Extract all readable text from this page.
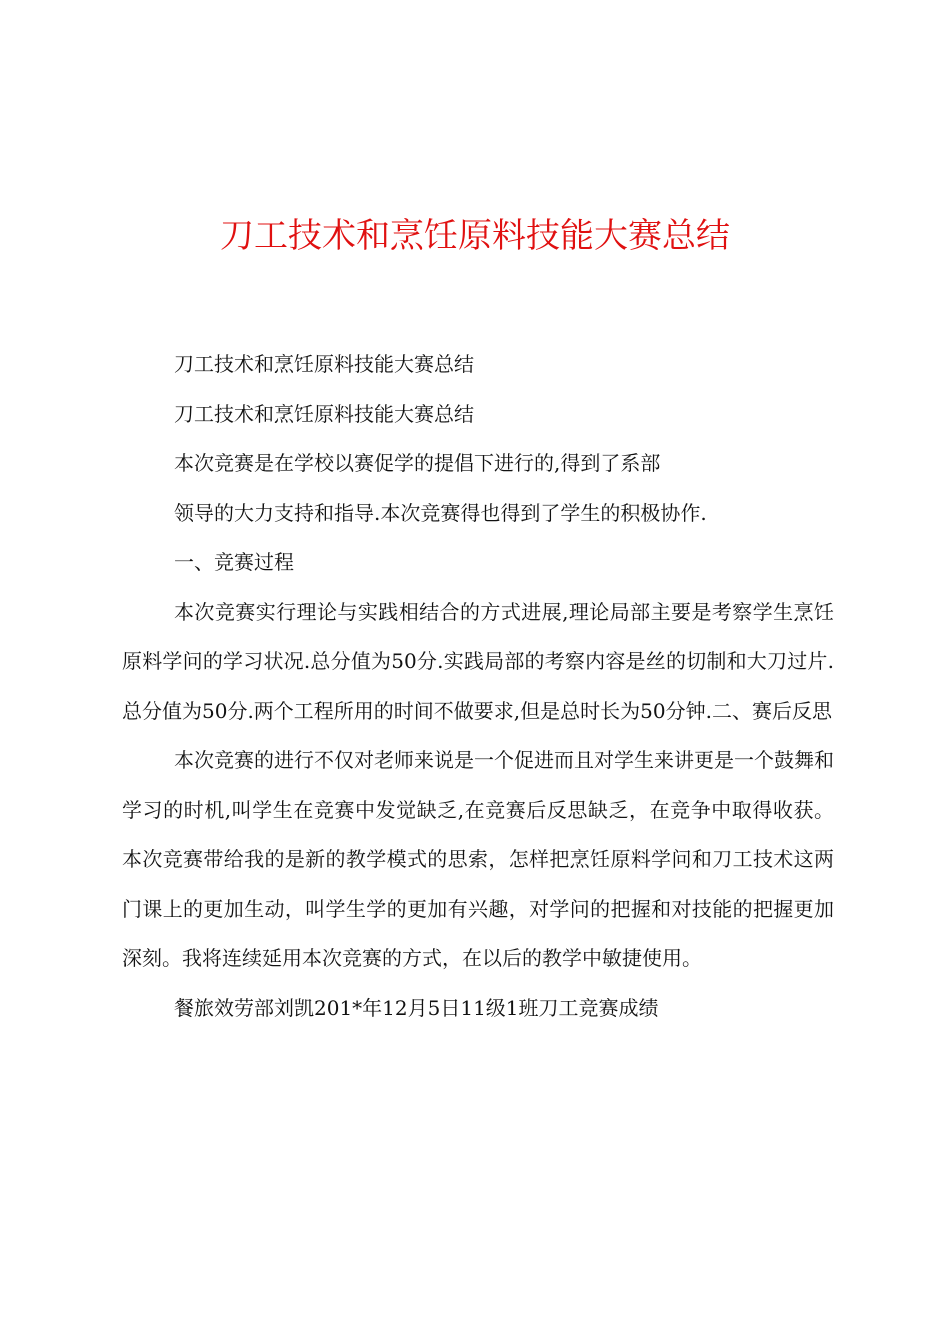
刀工技术和烹饪原料技能大赛总结

刀工技术和烹饪原料技能大赛总结

刀工技术和烹饪原料技能大赛总结

本次竞赛是在学校以赛促学的提倡下进行的,得到了系部

领导的大力支持和指导.本次竞赛得也得到了学生的积极协作.

一、竞赛过程

本次竞赛实行理论与实践相结合的方式进展,理论局部主要是考察学生烹饪原料学问的学习状况.总分值为50分.实践局部的考察内容是丝的切制和大刀过片.总分值为50分.两个工程所用的时间不做要求,但是总时长为50分钟.二、赛后反思

本次竞赛的进行不仅对老师来说是一个促进而且对学生来讲更是一个鼓舞和学习的时机,叫学生在竞赛中发觉缺乏,在竞赛后反思缺乏，在竞争中取得收获。本次竞赛带给我的是新的教学模式的思索，怎样把烹饪原料学问和刀工技术这两门课上的更加生动，叫学生学的更加有兴趣，对学问的把握和对技能的把握更加深刻。我将连续延用本次竞赛的方式，在以后的教学中敏捷使用。

餐旅效劳部刘凯201*年12月5日11级1班刀工竞赛成绩
